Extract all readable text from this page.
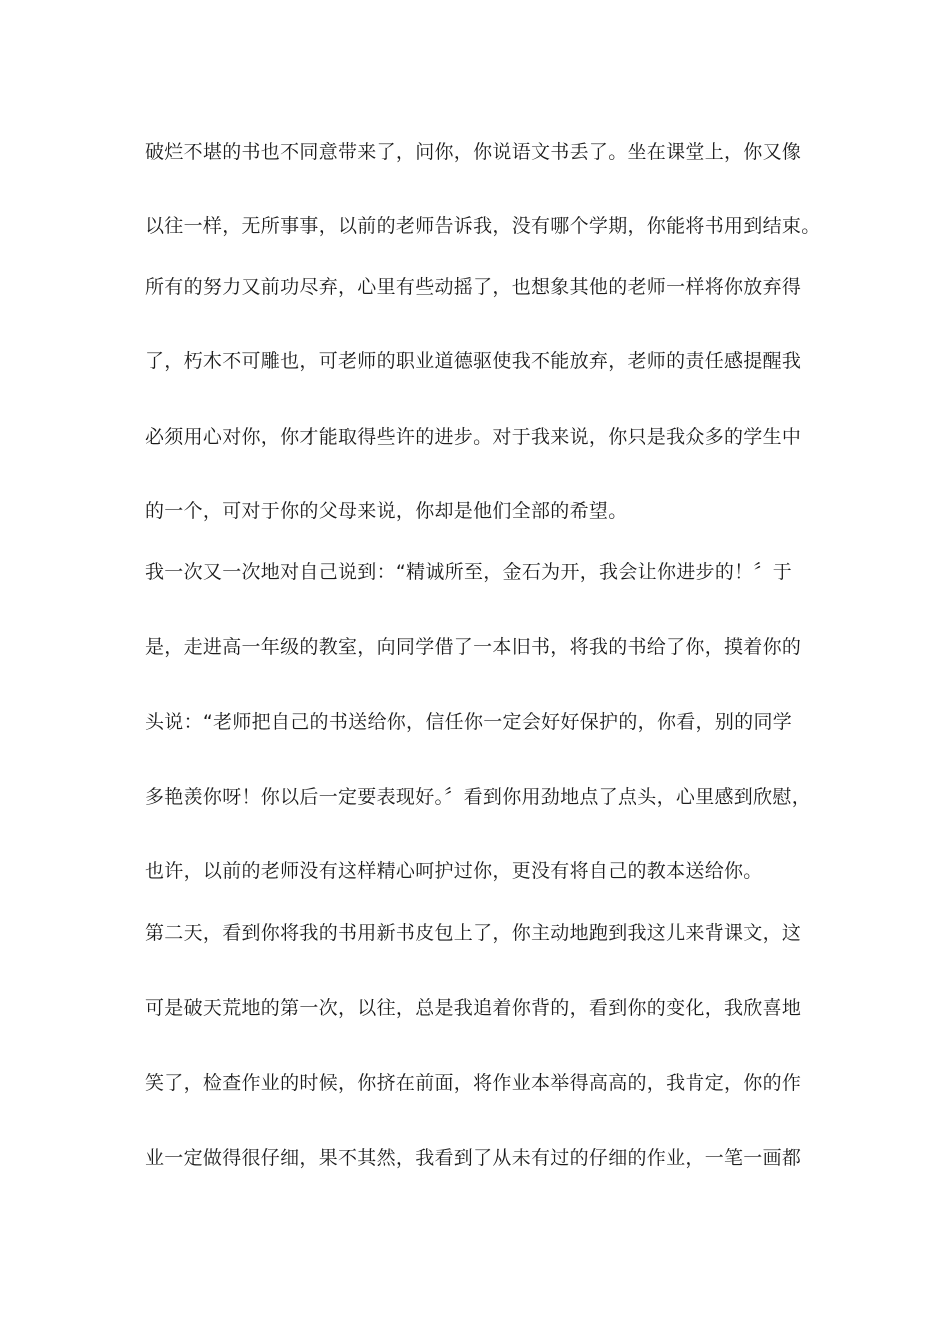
破烂不堪的书也不同意带来了，问你，你说语文书丢了。坐在课堂上，你又像
以往一样，无所事事，以前的老师告诉我，没有哪个学期，你能将书用到结束。
所有的努力又前功尽弃，心里有些动摇了，也想象其他的老师一样将你放弃得
了，朽木不可雕也，可老师的职业道德驱使我不能放弃，老师的责任感提醒我
必须用心对你，你才能取得些许的进步。对于我来说，你只是我众多的学生中
的一个，可对于你的父母来说，你却是他们全部的希望。
我一次又一次地对自己说到：“精诚所至，金石为开，我会让你进步的！〞于
是，走进高一年级的教室，向同学借了一本旧书，将我的书给了你，摸着你的
头说：“老师把自己的书送给你，信任你一定会好好保护的，你看，别的同学
多艳羡你呀！你以后一定要表现好。〞看到你用劲地点了点头，心里感到欣慰，
也许，以前的老师没有这样精心呵护过你，更没有将自己的教本送给你。
第二天，看到你将我的书用新书皮包上了，你主动地跑到我这儿来背课文，这
可是破天荒地的第一次，以往，总是我追着你背的，看到你的变化，我欣喜地
笑了，检查作业的时候，你挤在前面，将作业本举得高高的，我肯定，你的作
业一定做得很仔细，果不其然，我看到了从未有过的仔细的作业，一笔一画都
